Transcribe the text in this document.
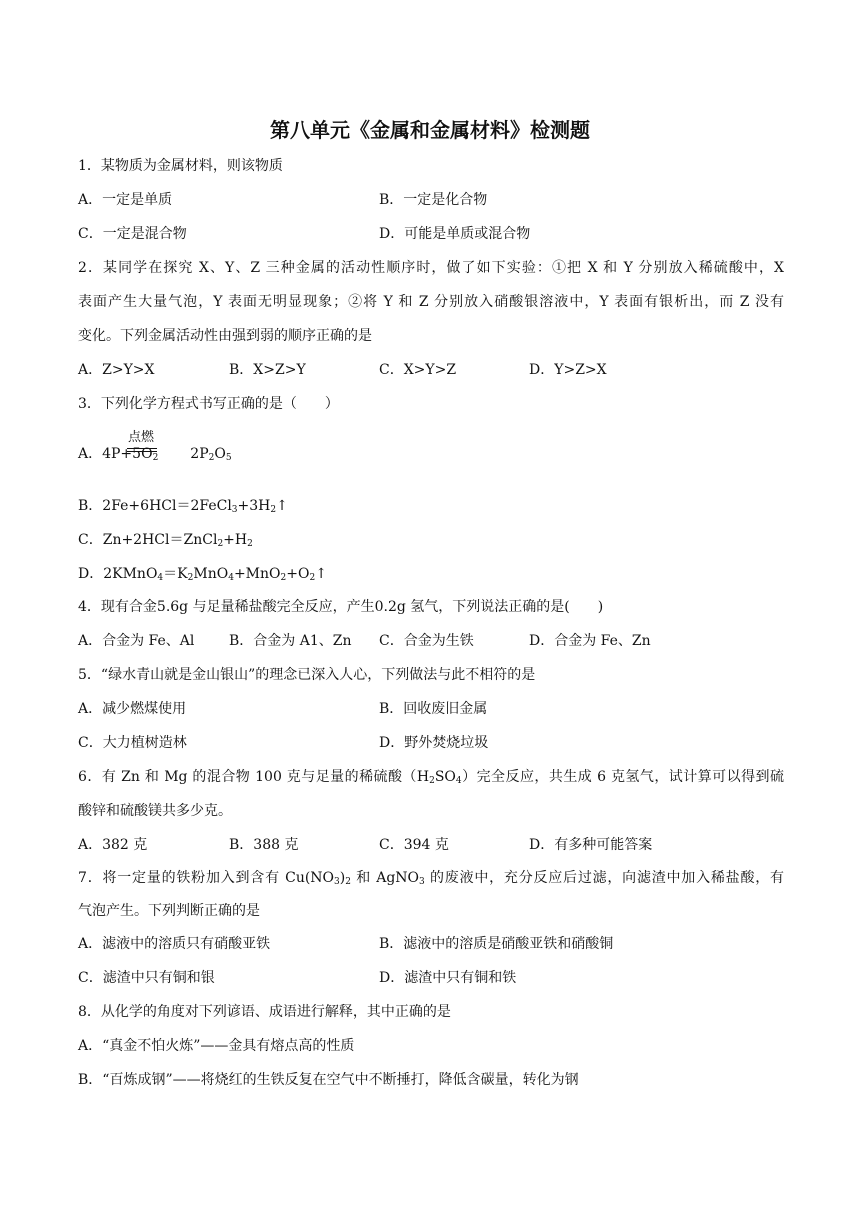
第八单元《金属和金属材料》检测题
1．某物质为金属材料，则该物质
A．一定是单质	B．一定是化合物
C．一定是混合物	D．可能是单质或混合物
2．某同学在探究 X、Y、Z 三种金属的活动性顺序时，做了如下实验：①把 X 和 Y 分别放入稀硫酸中，X
表面产生大量气泡，Y 表面无明显现象；②将 Y 和 Z 分别放入硝酸银溶液中，Y 表面有银析出，而 Z 没有
变化。下列金属活动性由强到弱的顺序正确的是
A．Z>Y>X	B．X>Z>Y	C．X>Y>Z	D．Y>Z>X
3．下列化学方程式书写正确的是（　　）
点燃
A．$4P+5O_2$ $2P_2O_5$
B．$2Fe+6HCl=2FeCl_3+3H_2↑$
C．$Zn+2HCl=ZnCl_2+H_2$
D．$2KMnO_4=K_2MnO_4+MnO_2+O_2↑$
4．现有合金5.6g 与足量稀盐酸完全反应，产生0.2g 氢气，下列说法正确的是(　　)
A．合金为 Fe、Al B．合金为 A1、Zn C．合金为生铁	D．合金为 Fe、Zn
5．“绿水青山就是金山银山”的理念已深入人心，下列做法与此不相符的是
A．减少燃煤使用	B．回收废旧金属
C．大力植树造林	D．野外焚烧垃圾
6．有 Zn 和 Mg 的混合物 100 克与足量的稀硫酸$(H_2SO_4)$完全反应，共生成 6 克氢气，试计算可以得到硫
酸锌和硫酸镁共多少克。
A．382 克	B．388 克	C．394 克	D．有多种可能答案
7．将一定量的铁粉加入到含有 $Cu(NO_3)_2$ 和 AgNO$_3$ 的废液中，充分反应后过滤，向滤渣中加入稀盐酸，有
气泡产生。下列判断正确的是
A．滤液中的溶质只有硝酸亚铁	B．滤液中的溶质是硝酸亚铁和硝酸铜
C．滤渣中只有铜和银	D．滤渣中只有铜和铁
8．从化学的角度对下列谚语、成语进行解释，其中正确的是
A．“真金不怕火炼”——金具有熔点高的性质
B．“百炼成钢”——将烧红的生铁反复在空气中不断捶打，降低含碳量，转化为钢
